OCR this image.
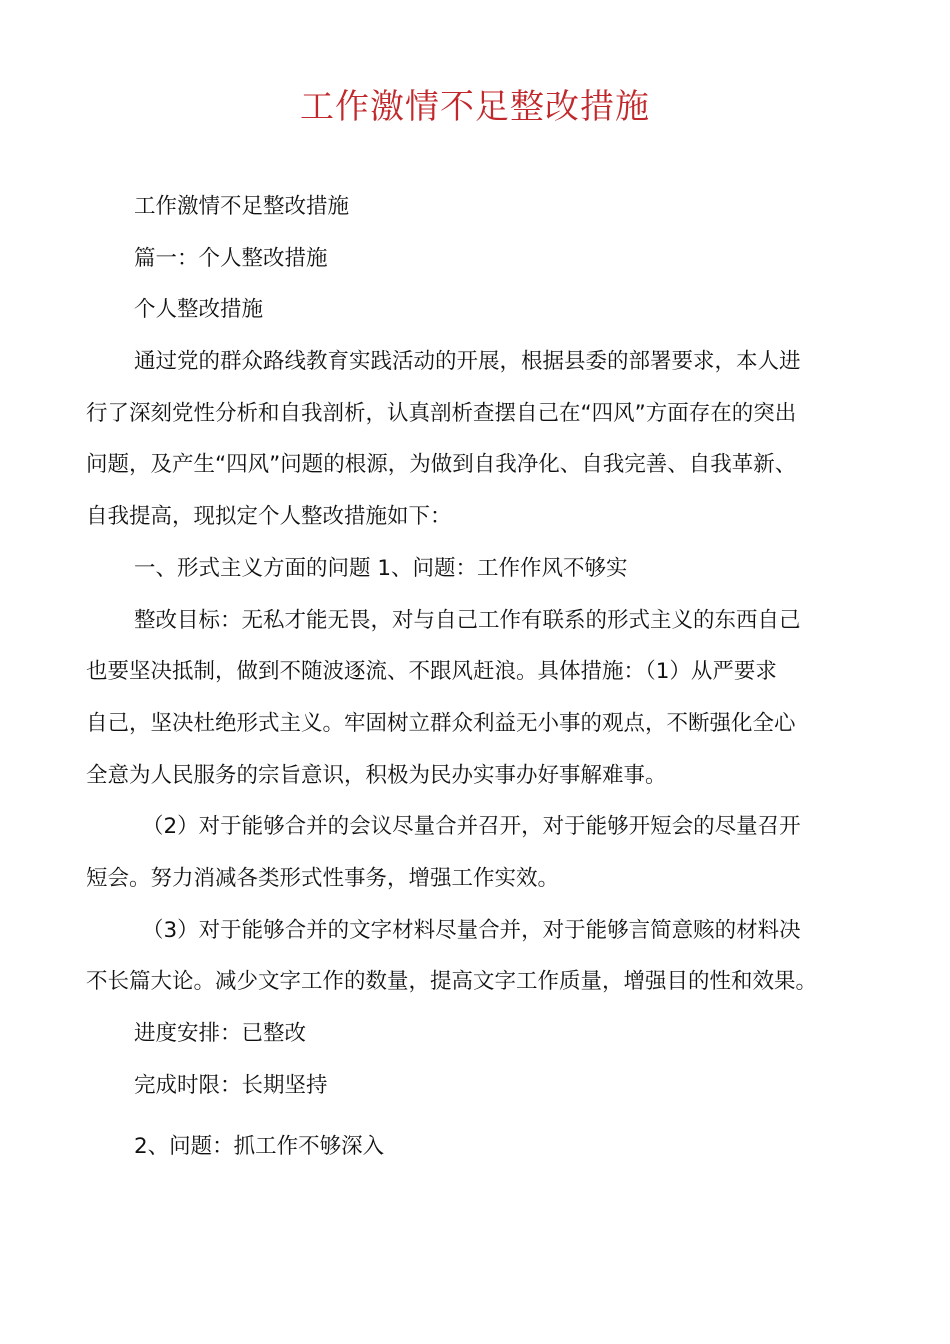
工作激情不足整改措施
工作激情不足整改措施
篇一：个人整改措施
个人整改措施
通过党的群众路线教育实践活动的开展，根据县委的部署要求，本人进
行了深刻党性分析和自我剖析，认真剖析查摆自己在“四风”方面存在的突出
问题，及产生“四风”问题的根源，为做到自我净化、自我完善、自我革新、
自我提高，现拟定个人整改措施如下：
一、形式主义方面的问题 1、问题：工作作风不够实
整改目标：无私才能无畏，对与自己工作有联系的形式主义的东西自己
也要坚决抵制，做到不随波逐流、不跟风赶浪。具体措施：（1）从严要求
自己，坚决杜绝形式主义。牢固树立群众利益无小事的观点，不断强化全心
全意为人民服务的宗旨意识，积极为民办实事办好事解难事。
（2）对于能够合并的会议尽量合并召开，对于能够开短会的尽量召开
短会。努力消减各类形式性事务，增强工作实效。
（3）对于能够合并的文字材料尽量合并，对于能够言简意赅的材料决
不长篇大论。减少文字工作的数量，提高文字工作质量，增强目的性和效果。
进度安排：已整改
完成时限：长期坚持
2、问题：抓工作不够深入
